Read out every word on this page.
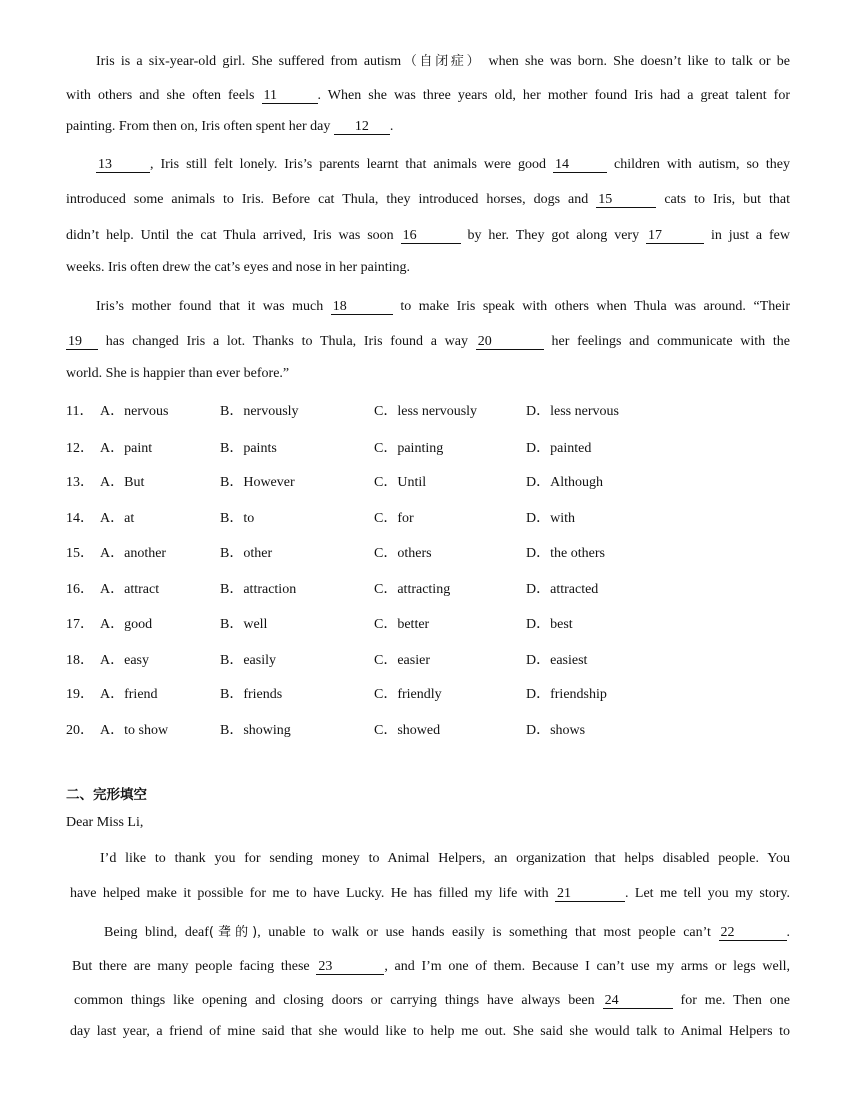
Iris is a six-year-old girl. She suffered from autism（自闭症） when she was born. She doesn’t like to talk or be
with others and she often feels 11	. When she was three years old, her mother found Iris had a great talent for
painting. From then on, Iris often spent her day 12 .
13	, Iris still felt lonely. Iris’s parents learnt that animals were good 14	children with autism, so they
introduced some animals to Iris. Before cat Thula, they introduced horses, dogs and 15	cats to Iris, but that
didn’t help. Until the cat Thula arrived, Iris was soon 16	by her. They got along very 17	in just a few
weeks. Iris often drew the cat’s eyes and nose in her painting.
Iris’s mother found that it was much 18	to make Iris speak with others when Thula was around. “Their
19 has changed Iris a lot. Thanks to Thula, Iris found a way 20	her feelings and communicate with the
world. She is happier than ever before.”
11． A．nervous	B．nervously	C．less nervously	D．less nervous
12． A．paint	B．paints	C．painting	D．painted
13． A．But	B．However	C．Until	D．Although
14． A．at	B．to	C．for	D．with
15． A．another	B．other	C．others	D．the others
16． A．attract	B．attraction	C．attracting	D．attracted
17． A．good	B．well	C．better	D．best
18． A．easy	B．easily	C．easier	D．easiest
19． A．friend	B．friends	C．friendly	D．friendship
20． A．to show	B．showing	C．showed	D．shows
二、完形填空
Dear Miss Li,
I’d like to thank you for sending money to Animal Helpers, an organization that helps disabled people. You
have helped make it possible for me to have Lucky. He has filled my life with 21	. Let me tell you my story.
Being blind, deaf(聋的), unable to walk or use hands easily is something that most people can’t 22	.
But there are many people facing these 23	, and I’m one of them. Because I can’t use my arms or legs well,
common things like opening and closing doors or carrying things have always been 24	for me. Then one
day last year, a friend of mine said that she would like to help me out. She said she would talk to Animal Helpers to
